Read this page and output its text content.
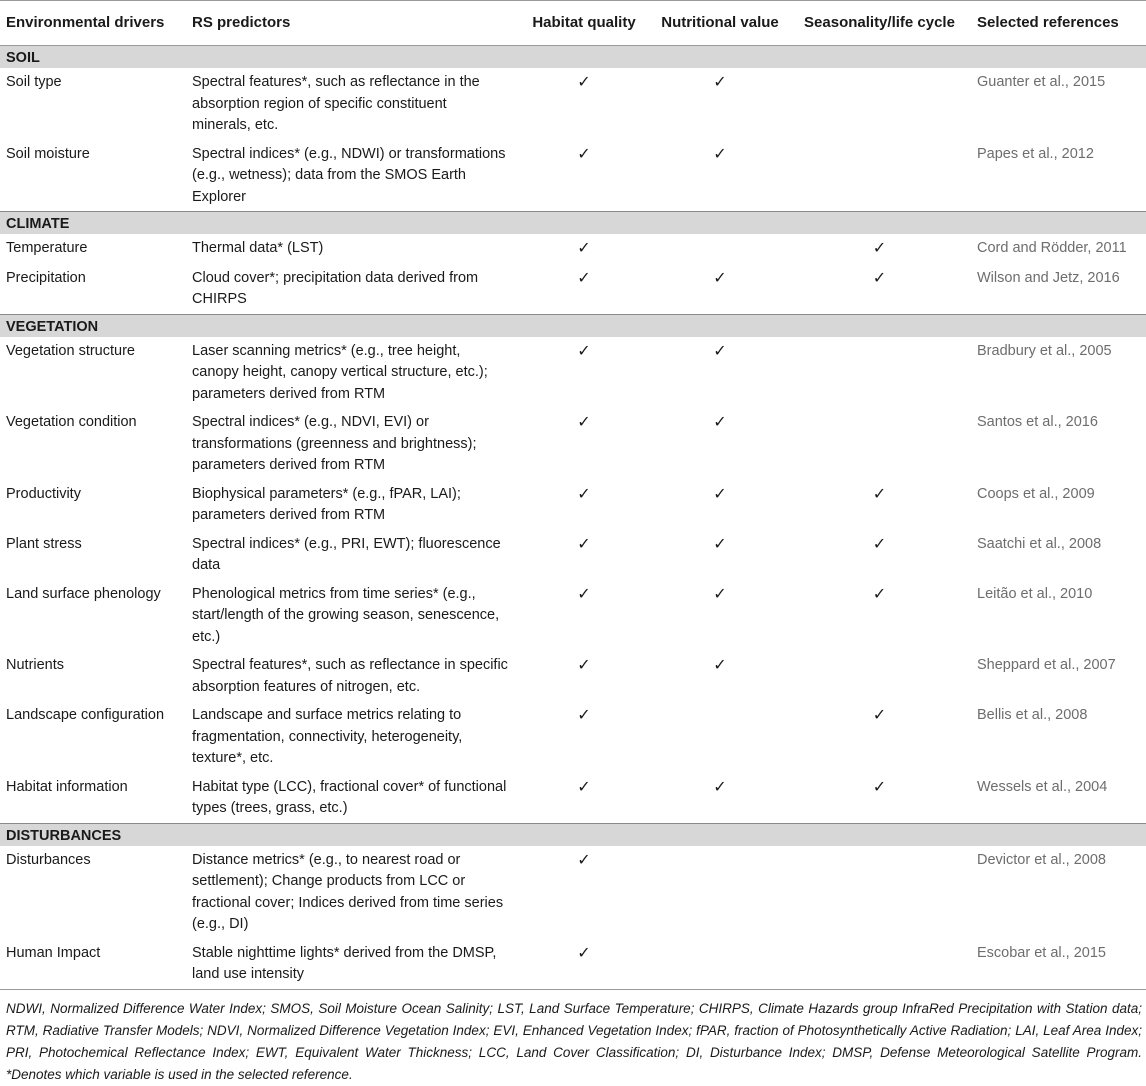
Environmental drivers	RS predictors	Habitat quality	Nutritional value	Seasonality/life cycle	Selected references
SOIL					
Soil type	Spectral features*, such as reflectance in the absorption region of specific constituent minerals, etc.	✓	✓		Guanter et al., 2015
Soil moisture	Spectral indices* (e.g., NDWI) or transformations (e.g., wetness); data from the SMOS Earth Explorer	✓	✓		Papes et al., 2012
CLIMATE					
Temperature	Thermal data* (LST)	✓		✓	Cord and Rödder, 2011
Precipitation	Cloud cover*; precipitation data derived from CHIRPS	✓	✓	✓	Wilson and Jetz, 2016
VEGETATION					
Vegetation structure	Laser scanning metrics* (e.g., tree height, canopy height, canopy vertical structure, etc.); parameters derived from RTM	✓	✓		Bradbury et al., 2005
Vegetation condition	Spectral indices* (e.g., NDVI, EVI) or transformations (greenness and brightness); parameters derived from RTM	✓	✓		Santos et al., 2016
Productivity	Biophysical parameters* (e.g., fPAR, LAI); parameters derived from RTM	✓	✓	✓	Coops et al., 2009
Plant stress	Spectral indices* (e.g., PRI, EWT); fluorescence data	✓	✓	✓	Saatchi et al., 2008
Land surface phenology	Phenological metrics from time series* (e.g., start/length of the growing season, senescence, etc.)	✓	✓	✓	Leitão et al., 2010
Nutrients	Spectral features*, such as reflectance in specific absorption features of nitrogen, etc.	✓	✓		Sheppard et al., 2007
Landscape configuration	Landscape and surface metrics relating to fragmentation, connectivity, heterogeneity, texture*, etc.	✓		✓	Bellis et al., 2008
Habitat information	Habitat type (LCC), fractional cover* of functional types (trees, grass, etc.)	✓	✓	✓	Wessels et al., 2004
DISTURBANCES					
Disturbances	Distance metrics* (e.g., to nearest road or settlement); Change products from LCC or fractional cover; Indices derived from time series (e.g., DI)	✓			Devictor et al., 2008
Human Impact	Stable nighttime lights* derived from the DMSP, land use intensity	✓			Escobar et al., 2015
NDWI, Normalized Difference Water Index; SMOS, Soil Moisture Ocean Salinity; LST, Land Surface Temperature; CHIRPS, Climate Hazards group InfraRed Precipitation with Station data; RTM, Radiative Transfer Models; NDVI, Normalized Difference Vegetation Index; EVI, Enhanced Vegetation Index; fPAR, fraction of Photosynthetically Active Radiation; LAI, Leaf Area Index; PRI, Photochemical Reflectance Index; EWT, Equivalent Water Thickness; LCC, Land Cover Classification; DI, Disturbance Index; DMSP, Defense Meteorological Satellite Program. *Denotes which variable is used in the selected reference.
